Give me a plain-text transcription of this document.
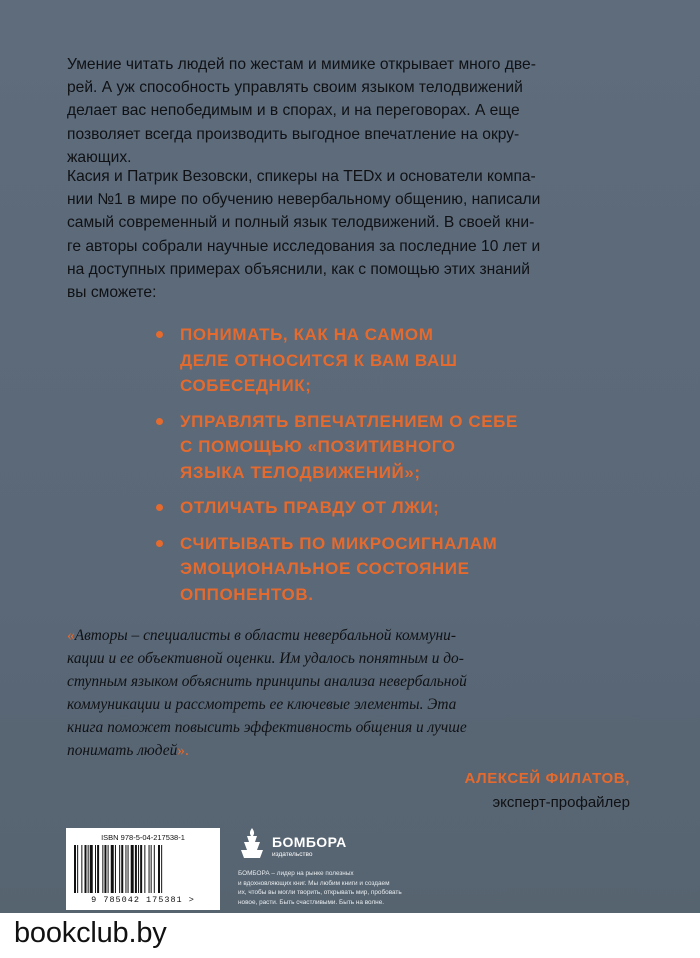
Умение читать людей по жестам и мимике открывает много две-
рей. А уж способность управлять своим языком телодвижений
делает вас непобедимым и в спорах, и на переговорах. А еще
позволяет всегда производить выгодное впечатление на окру-
жающих.
Касия и Патрик Везовски, спикеры на TEDx и основатели компа-
нии №1 в мире по обучению невербальному общению, написали
самый современный и полный язык телодвижений. В своей кни-
ге авторы собрали научные исследования за последние 10 лет и
на доступных примерах объяснили, как с помощью этих знаний
вы сможете:
ПОНИМАТЬ, КАК НА САМОМ
ДЕЛЕ ОТНОСИТСЯ К ВАМ ВАШ
СОБЕСЕДНИК;
УПРАВЛЯТЬ ВПЕЧАТЛЕНИЕМ О СЕБЕ
С ПОМОЩЬЮ «ПОЗИТИВНОГО
ЯЗЫКА ТЕЛОДВИЖЕНИЙ»;
ОТЛИЧАТЬ ПРАВДУ ОТ ЛЖИ;
СЧИТЫВАТЬ ПО МИКРОСИГНАЛАМ
ЭМОЦИОНАЛЬНОЕ СОСТОЯНИЕ
ОППОНЕНТОВ.
«Авторы – специалисты в области невербальной коммуни-
кации и ее объективной оценки. Им удалось понятным и до-
ступным языком объяснить принципы анализа невербальной
коммуникации и рассмотреть ее ключевые элементы. Эта
книга поможет повысить эффективность общения и лучше
понимать людей».
АЛЕКСЕЙ ФИЛАТОВ,
эксперт-профайлер
ISBN 978-5-04-217538-1
9 785042 175381 >
БОМБОРА
издательство
БОМБОРА – лидер на рынке полезных
и вдохновляющих книг. Мы любим книги и создаем
их, чтобы вы могли творить, открывать мир, пробовать
новое, расти. Быть счастливыми. Быть на волне.
bookclub.by
